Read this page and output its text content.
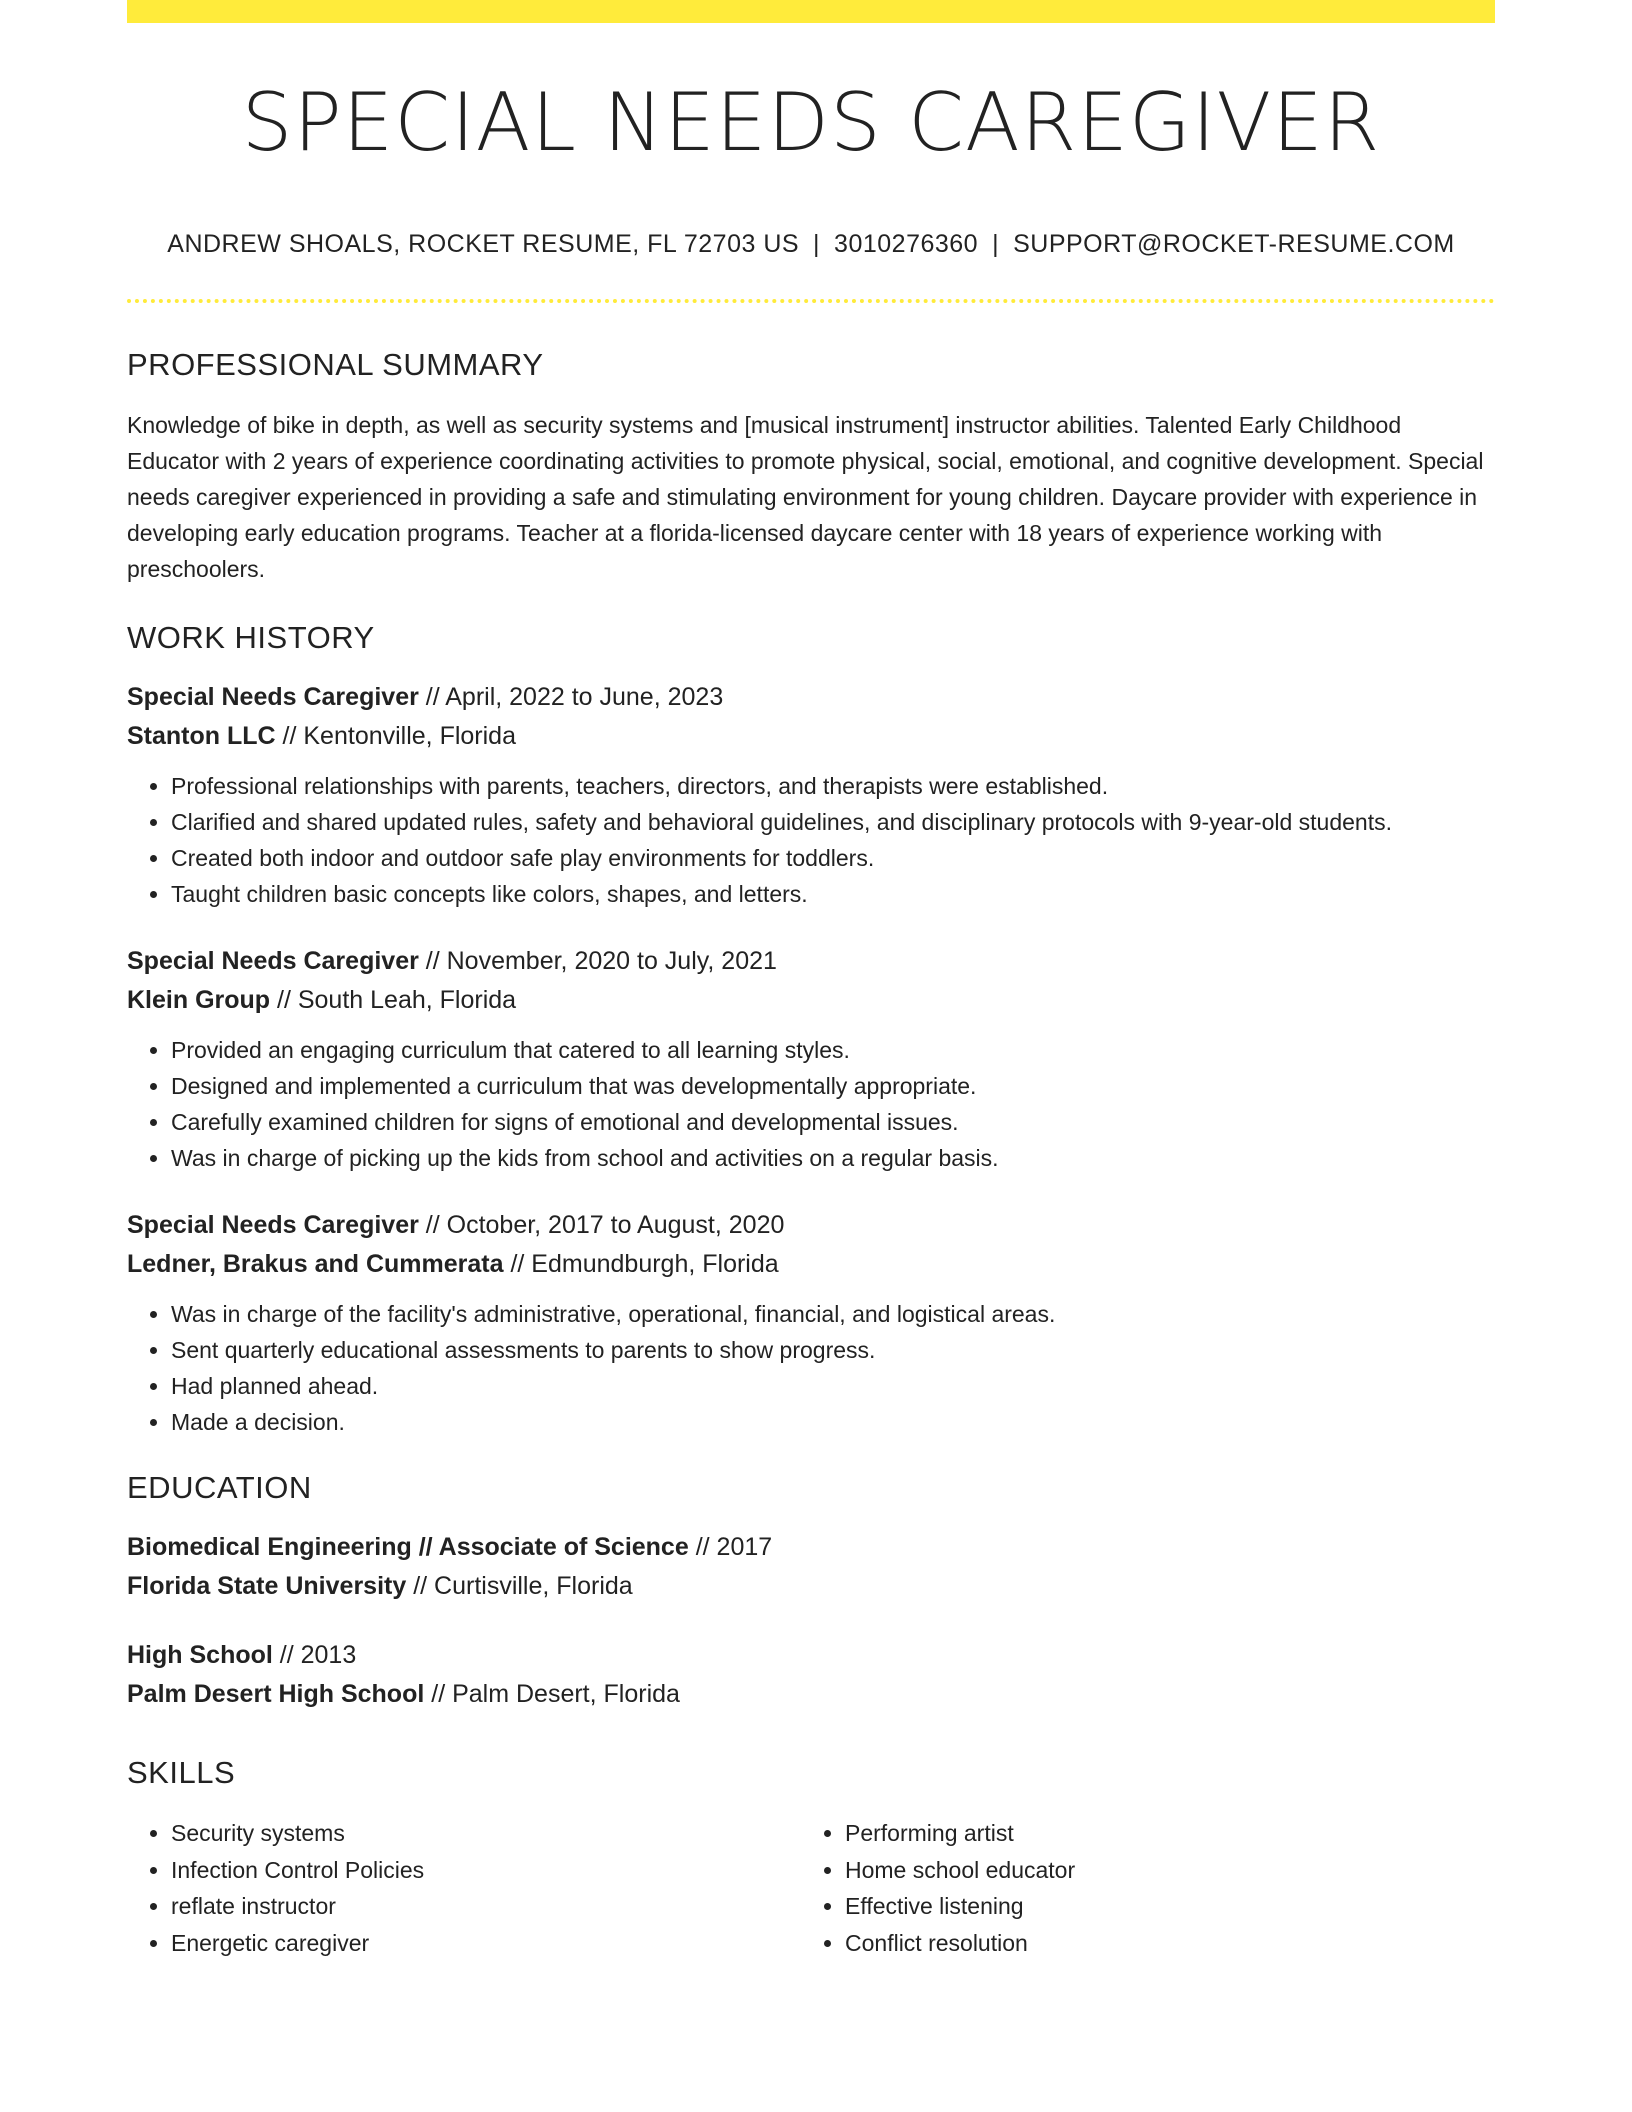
SPECIAL NEEDS CAREGIVER
ANDREW SHOALS, ROCKET RESUME, FL 72703 US | 3010276360 | SUPPORT@ROCKET-RESUME.COM
PROFESSIONAL SUMMARY

Knowledge of bike in depth, as well as security systems and [musical instrument] instructor abilities. Talented Early Childhood Educator with 2 years of experience coordinating activities to promote physical, social, emotional, and cognitive development. Special needs caregiver experienced in providing a safe and stimulating environment for young children. Daycare provider with experience in developing early education programs. Teacher at a florida-licensed daycare center with 18 years of experience working with preschoolers.

WORK HISTORY
Special Needs Caregiver // April, 2022 to June, 2023
Stanton LLC // Kentonville, Florida
• Professional relationships with parents, teachers, directors, and therapists were established.
• Clarified and shared updated rules, safety and behavioral guidelines, and disciplinary protocols with 9-year-old students.
• Created both indoor and outdoor safe play environments for toddlers.
• Taught children basic concepts like colors, shapes, and letters.
Special Needs Caregiver // November, 2020 to July, 2021
Klein Group // South Leah, Florida
• Provided an engaging curriculum that catered to all learning styles.
• Designed and implemented a curriculum that was developmentally appropriate.
• Carefully examined children for signs of emotional and developmental issues.
• Was in charge of picking up the kids from school and activities on a regular basis.
Special Needs Caregiver // October, 2017 to August, 2020
Ledner, Brakus and Cummerata // Edmundburgh, Florida
• Was in charge of the facility's administrative, operational, financial, and logistical areas.
• Sent quarterly educational assessments to parents to show progress.
• Had planned ahead.
• Made a decision.
EDUCATION
Biomedical Engineering // Associate of Science // 2017
Florida State University // Curtisville, Florida
High School // 2013
Palm Desert High School // Palm Desert, Florida
SKILLS
• Security systems
• Infection Control Policies
• reflate instructor
• Energetic caregiver
• Performing artist
• Home school educator
• Effective listening
• Conflict resolution
